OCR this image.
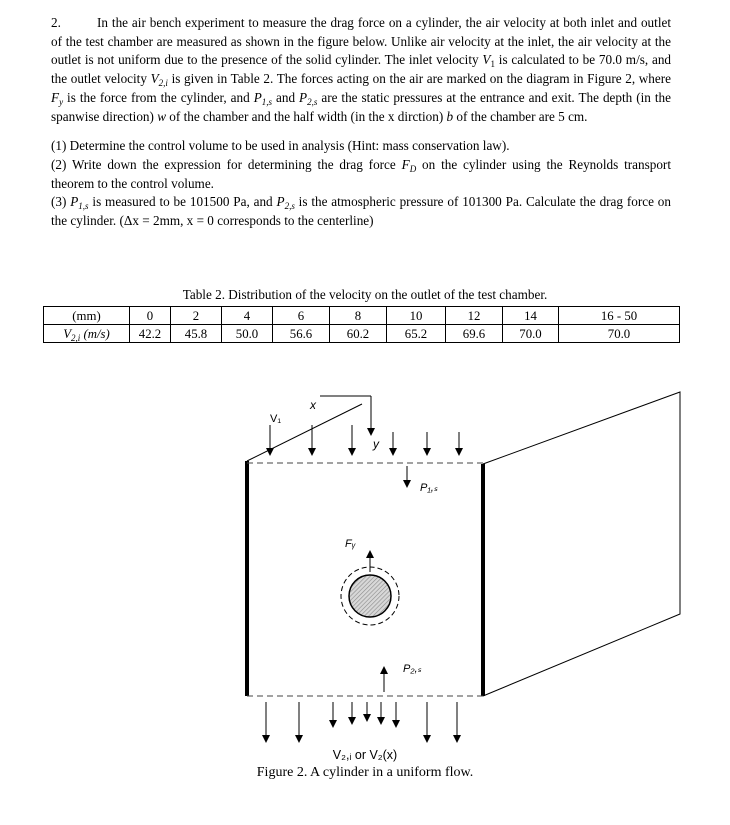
2.	In the air bench experiment to measure the drag force on a cylinder, the air velocity at both inlet and outlet of the test chamber are measured as shown in the figure below. Unlike air velocity at the inlet, the air velocity at the outlet is not uniform due to the presence of the solid cylinder. The inlet velocity $V_1$ is calculated to be 70.0 m/s, and the outlet velocity $V_{2,i}$ is given in Table 2. The forces acting on the air are marked on the diagram in Figure 2, where $F_y$ is the force from the cylinder, and $P_{1,s}$ and $P_{2,s}$ are the static pressures at the entrance and exit. The depth (in the spanwise direction) w of the chamber and the half width (in the x dirction) b of the chamber are 5 cm.

(1) Determine the control volume to be used in analysis (Hint: mass conservation law).

(2) Write down the expression for determining the drag force $F_D$ on the cylinder using the Reynolds transport theorem to the control volume.

(3) $P_{1,s}$ is measured to be 101500 Pa, and $P_{2,s}$ is the atmospheric pressure of 101300 Pa. Calculate the drag force on the cylinder. (Δx = 2mm, x = 0 corresponds to the centerline)

Table 2. Distribution of the velocity on the outlet of the test chamber.
(mm)	0	2	4	6	8	10	12	14	16 - 50
$V_{2,i}$ (m/s)	42.2	45.8	50.0	56.6	60.2	65.2	69.6	70.0	70.0
x
y
V₁
P₁,ₛ
Fᵧ
P₂,ₛ
V₂,ᵢ or V₂(x)
Figure 2. A cylinder in a uniform flow.
